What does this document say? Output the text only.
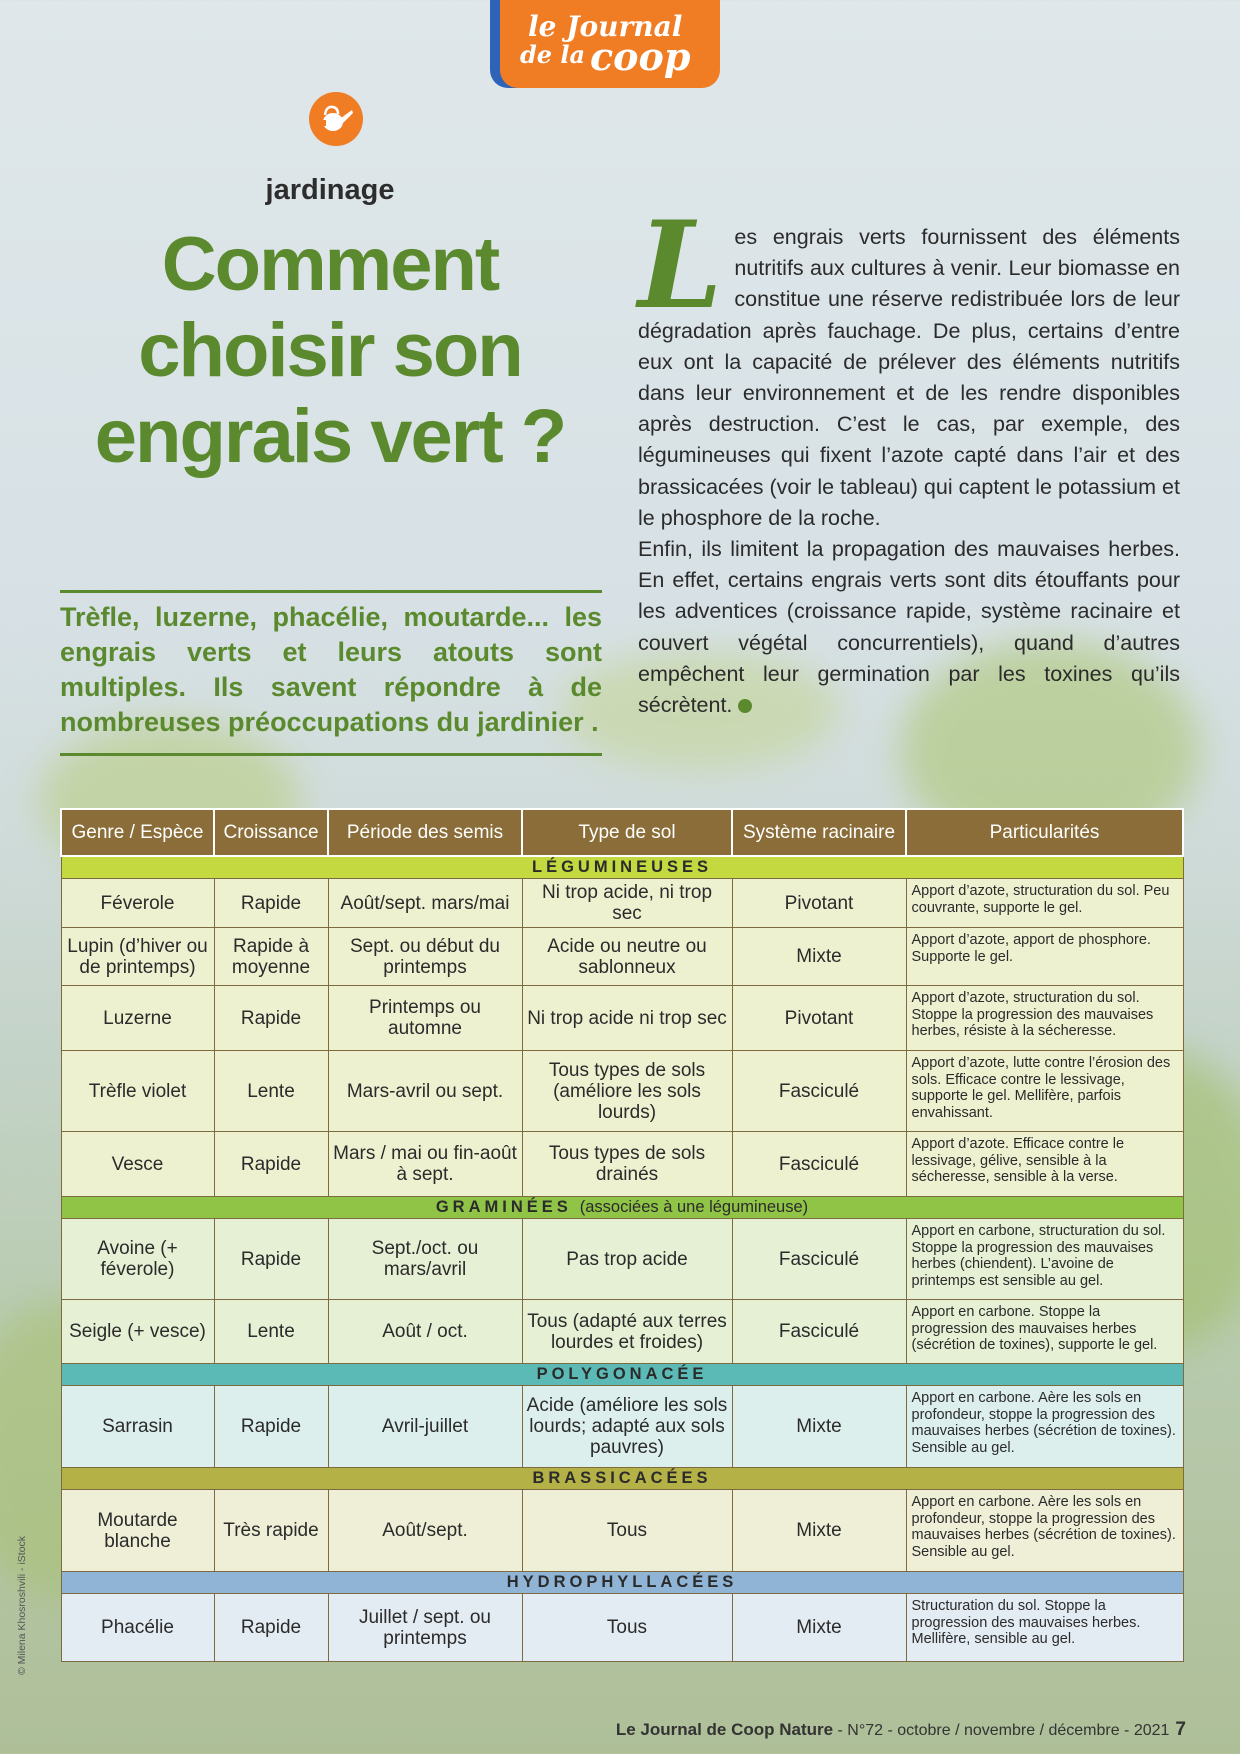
le Journal
de la coop
jardinage
Comment choisir son engrais vert ?
Trèfle, luzerne, phacélie, moutarde... les engrais verts et leurs atouts sont multiples. Ils savent répondre à de nombreuses préoccupations du jardinier .
L es engrais verts fournissent des éléments nutritifs aux cultures à venir. Leur biomasse en constitue une réserve redistribuée lors de leur dégradation après fauchage. De plus, certains d’entre eux ont la capacité de prélever des éléments nutritifs dans leur environnement et de les rendre disponibles après destruction. C’est le cas, par exemple, des légumineuses qui fixent l’azote capté dans l’air et des brassicacées (voir le tableau) qui captent le potassium et le phosphore de la roche.

Enfin, ils limitent la propagation des mauvaises herbes. En effet, certains engrais verts sont dits étouffants pour les adventices (croissance rapide, système racinaire et couvert végétal concurrentiels), quand d’autres empêchent leur germination par les toxines qu’ils sécrètent.

Genre / Espèce	Croissance	Période des semis	Type de sol	Système racinaire	Particularités
LÉGUMINEUSES					
Féverole	Rapide	Août/sept. mars/mai	Ni trop acide, ni trop sec	Pivotant	Apport d’azote, structuration du sol. Peu couvrante, supporte le gel.
Lupin (d’hiver ou de printemps)	Rapide à moyenne	Sept. ou début du printemps	Acide ou neutre ou sablonneux	Mixte	Apport d’azote, apport de phosphore. Supporte le gel.
Luzerne	Rapide	Printemps ou automne	Ni trop acide ni trop sec	Pivotant	Apport d’azote, structuration du sol. Stoppe la progression des mauvaises herbes, résiste à la sécheresse.
Trèfle violet	Lente	Mars-avril ou sept.	Tous types de sols (améliore les sols lourds)	Fasciculé	Apport d’azote, lutte contre l’érosion des sols. Efficace contre le lessivage, supporte le gel. Mellifère, parfois envahissant.
Vesce	Rapide	Mars / mai ou fin-août à sept.	Tous types de sols drainés	Fasciculé	Apport d’azote. Efficace contre le lessivage, gélive, sensible à la sécheresse, sensible à la verse.
GRAMINÉES (associées à une légumineuse)					
Avoine (+ féverole)	Rapide	Sept./oct. ou mars/avril	Pas trop acide	Fasciculé	Apport en carbone, structuration du sol. Stoppe la progression des mauvaises herbes (chiendent). L’avoine de printemps est sensible au gel.
Seigle (+ vesce)	Lente	Août / oct.	Tous (adapté aux terres lourdes et froides)	Fasciculé	Apport en carbone. Stoppe la progression des mauvaises herbes (sécrétion de toxines), supporte le gel.
POLYGONACÉE					
Sarrasin	Rapide	Avril-juillet	Acide (améliore les sols lourds; adapté aux sols pauvres)	Mixte	Apport en carbone. Aère les sols en profondeur, stoppe la progression des mauvaises herbes (sécrétion de toxines). Sensible au gel.
BRASSICACÉES					
Moutarde blanche	Très rapide	Août/sept.	Tous	Mixte	Apport en carbone. Aère les sols en profondeur, stoppe la progression des mauvaises herbes (sécrétion de toxines). Sensible au gel.
HYDROPHYLLACÉES					
Phacélie	Rapide	Juillet / sept. ou printemps	Tous	Mixte	Structuration du sol. Stoppe la progression des mauvaises herbes. Mellifère, sensible au gel.
© Milena Khosroshvili - iStock
Le Journal de Coop Nature - N°72 - octobre / novembre / décembre - 2021 7
